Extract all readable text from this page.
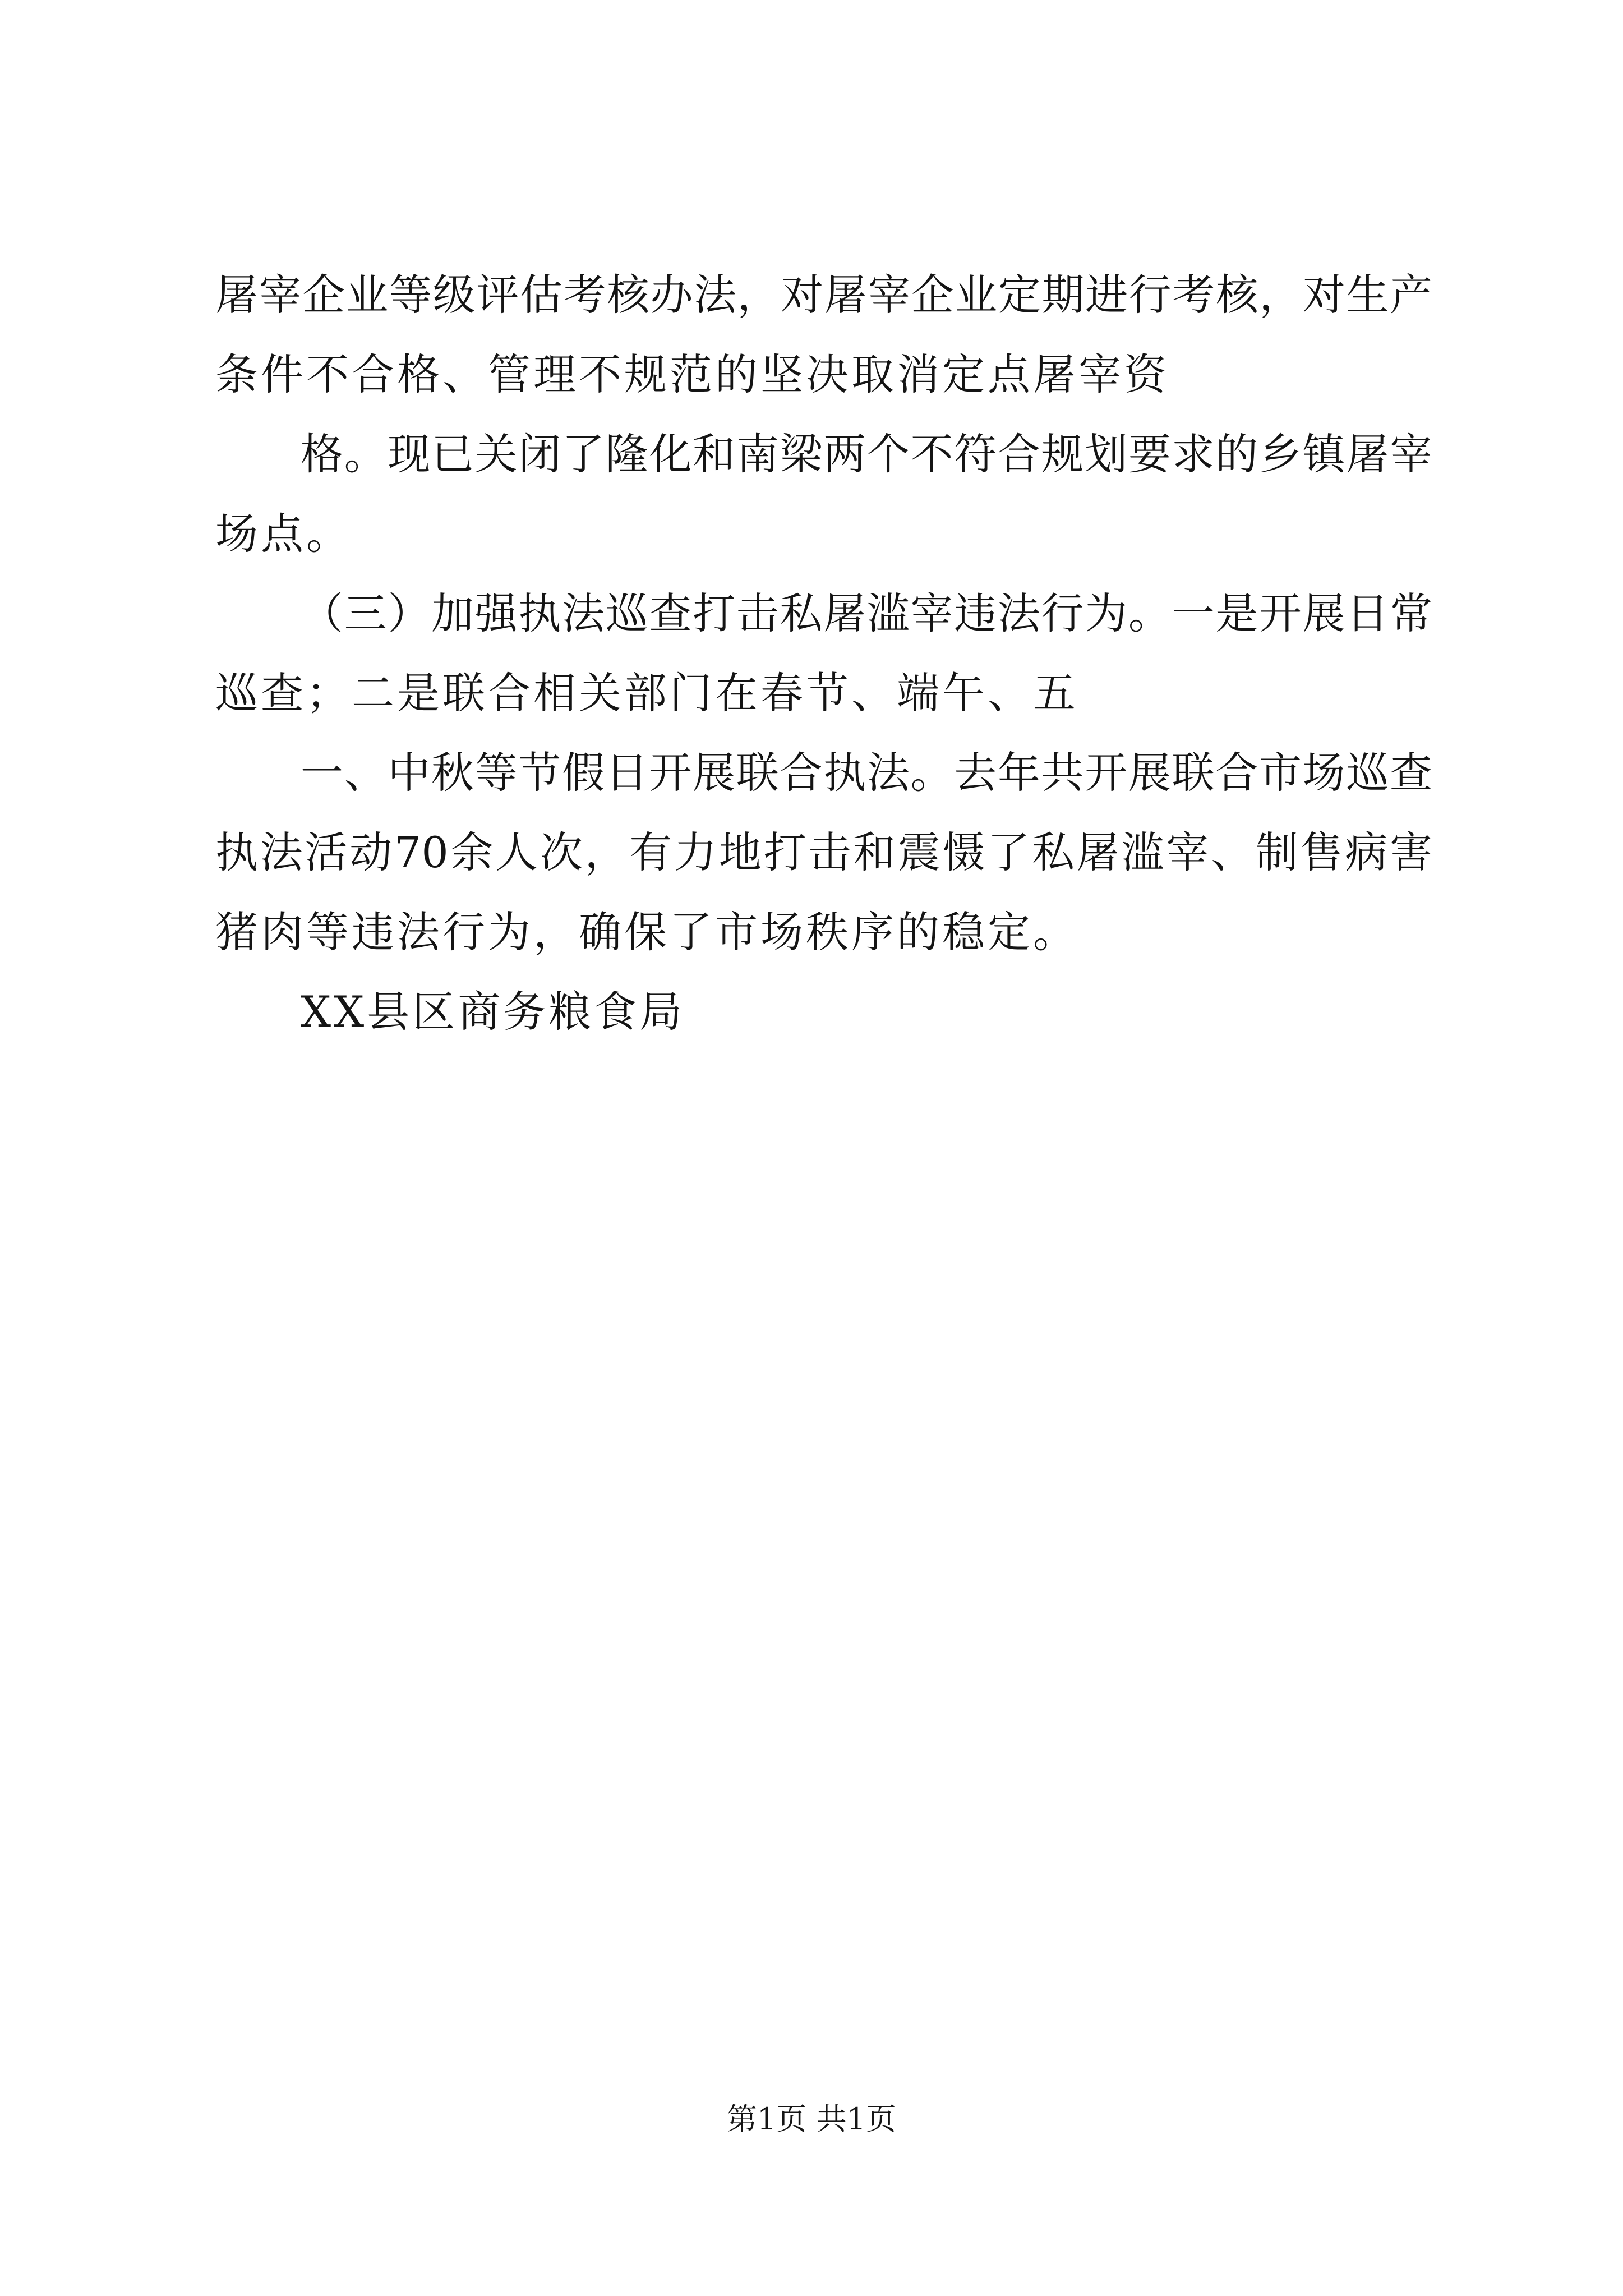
屠宰企业等级评估考核办法，对屠宰企业定期进行考核，对生产
条件不合格、管理不规范的坚决取消定点屠宰资
格。现已关闭了隆化和南梁两个不符合规划要求的乡镇屠宰
场点。
（三）加强执法巡查打击私屠滥宰违法行为。一是开展日常
巡查；二是联合相关部门在春节、端午、五
一、中秋等节假日开展联合执法。去年共开展联合市场巡查
执法活动70余人次，有力地打击和震慑了私屠滥宰、制售病害
猪肉等违法行为，确保了市场秩序的稳定。
XX县区商务粮食局
第1页 共1页
